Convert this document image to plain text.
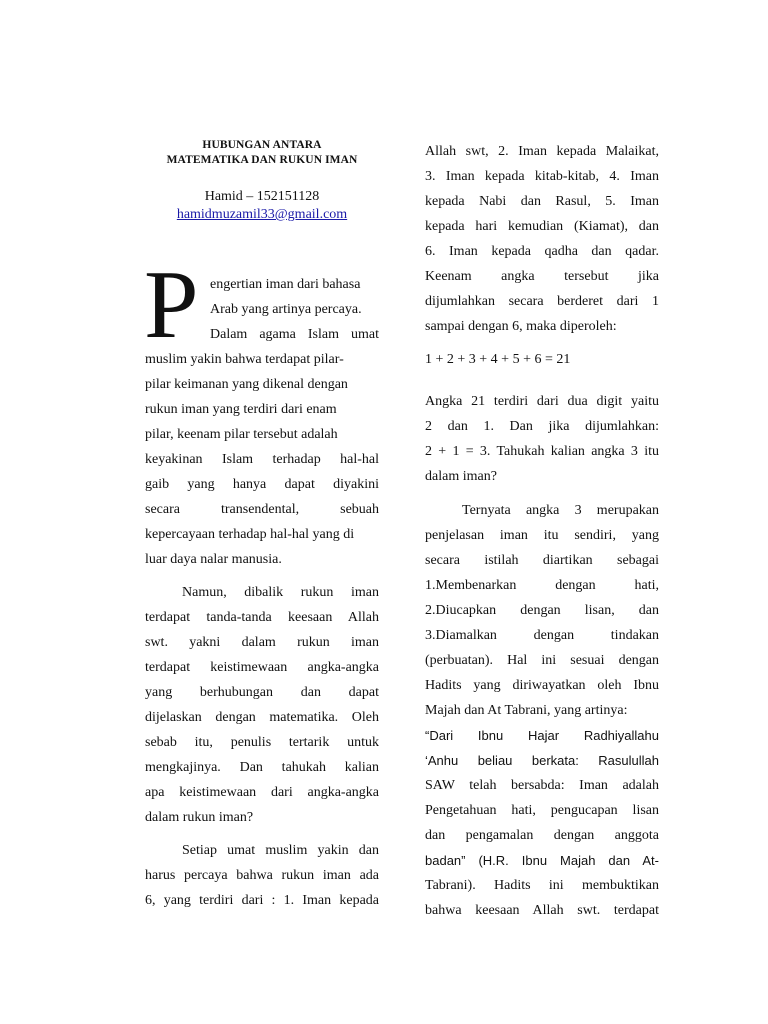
HUBUNGAN ANTARA
MATEMATIKA DAN RUKUN IMAN
Hamid – 152151128
hamidmuzamil33@gmail.com
P engertian iman dari bahasa
Arab yang artinya percaya.
Dalam agama Islam umat
muslim yakin bahwa terdapat pilar-
pilar keimanan yang dikenal dengan
rukun iman yang terdiri dari enam
pilar, keenam pilar tersebut adalah
keyakinan Islam terhadap hal-hal
gaib yang hanya dapat diyakini
secara transendental, sebuah
kepercayaan terhadap hal-hal yang di
luar daya nalar manusia.
Namun, dibalik rukun iman
terdapat tanda-tanda keesaan Allah
swt. yakni dalam rukun iman
terdapat keistimewaan angka-angka
yang berhubungan dan dapat
dijelaskan dengan matematika. Oleh
sebab itu, penulis tertarik untuk
mengkajinya. Dan tahukah kalian
apa keistimewaan dari angka-angka
dalam rukun iman?
Setiap umat muslim yakin dan
harus percaya bahwa rukun iman ada
6, yang terdiri dari : 1. Iman kepada
Allah swt, 2. Iman kepada Malaikat,
3. Iman kepada kitab-kitab, 4. Iman
kepada Nabi dan Rasul, 5. Iman
kepada hari kemudian (Kiamat), dan
6. Iman kepada qadha dan qadar.
Keenam angka tersebut jika
dijumlahkan secara berderet dari 1
sampai dengan 6, maka diperoleh:
1 + 2 + 3 + 4 + 5 + 6 = 21
Angka 21 terdiri dari dua digit yaitu
2 dan 1. Dan jika dijumlahkan:
2 + 1 = 3. Tahukah kalian angka 3 itu
dalam iman?
Ternyata angka 3 merupakan
penjelasan iman itu sendiri, yang
secara istilah diartikan sebagai
1.Membenarkan dengan hati,
2.Diucapkan dengan lisan, dan
3.Diamalkan dengan tindakan
(perbuatan). Hal ini sesuai dengan
Hadits yang diriwayatkan oleh Ibnu
Majah dan At Tabrani, yang artinya:
“Dari Ibnu Hajar Radhiyallahu
‘Anhu beliau berkata: Rasulullah
SAW telah bersabda: Iman adalah
Pengetahuan hati, pengucapan lisan
dan pengamalan dengan anggota
badan” (H.R. Ibnu Majah dan At-
Tabrani). Hadits ini membuktikan
bahwa keesaan Allah swt. terdapat
